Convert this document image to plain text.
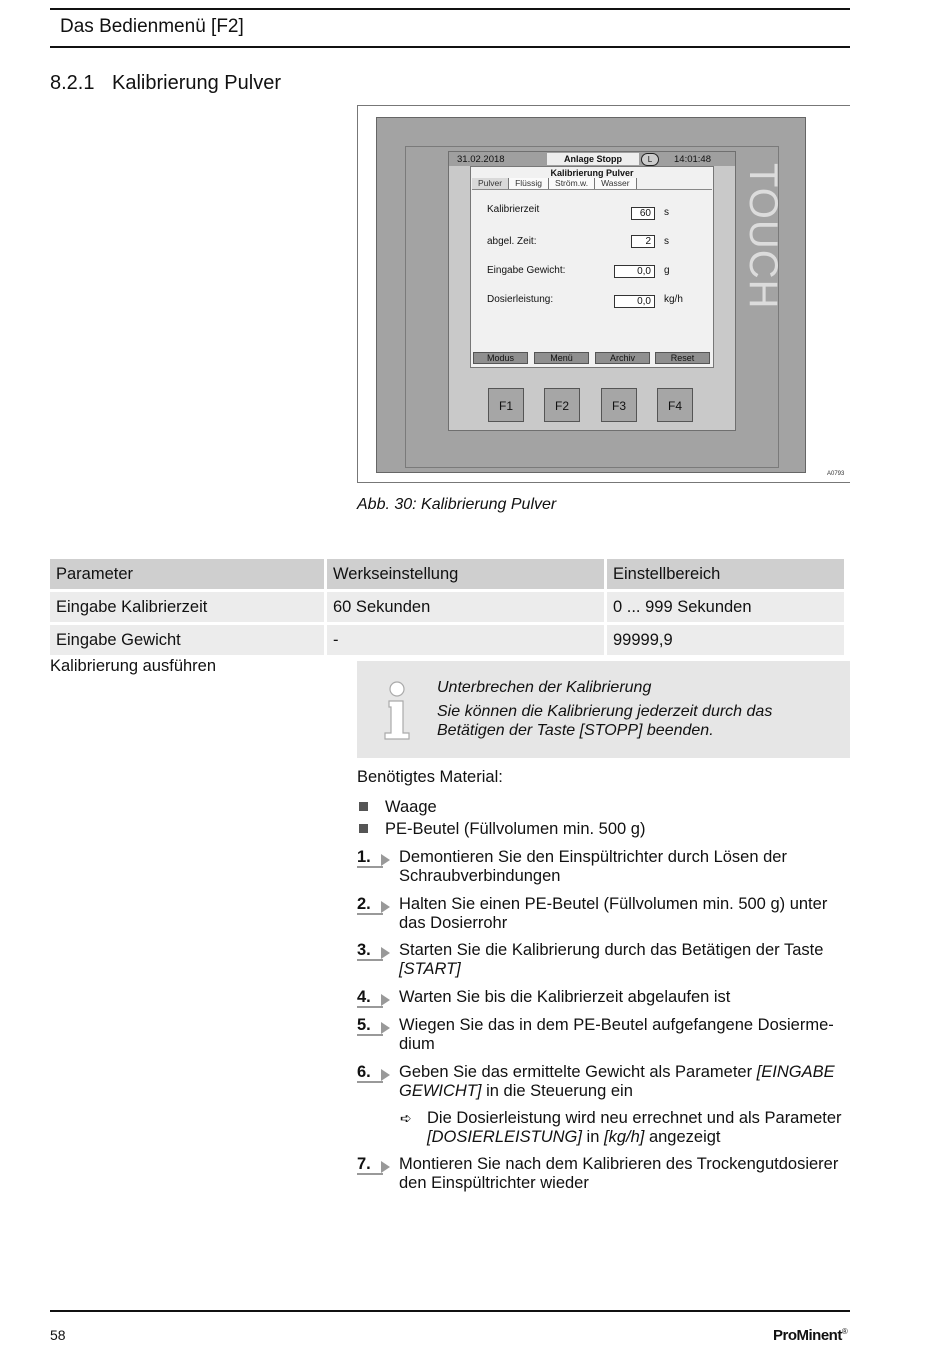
Das Bedienmenü [F2]
8.2.1 Kalibrierung Pulver
TOUCH
31.02.2018	Anlage Stopp	L	14:01:48
Kalibrierung Pulver
Pulver	Flüssig	Ström.w.	Wasser
Kalibrierzeit	60	s
abgel. Zeit:	2	s
Eingabe Gewicht:	0,0	g
Dosierleistung:	0,0	kg/h
Modus	Menü	Archiv	Reset
F1	F2	F3	F4
A0793
Abb. 30: Kalibrierung Pulver
Parameter	Werkseinstellung	Einstellbereich
Eingabe Kalibrierzeit	60 Sekunden	0 ... 999 Sekunden
Eingabe Gewicht	-	99999,9
Kalibrierung ausführen
Unterbrechen der Kalibrierung
Sie können die Kalibrierung jederzeit durch das Betätigen der Taste [STOPP] beenden.
Benötigtes Material:
Waage
PE-Beutel (Füllvolumen min. 500 g)
1. Demontieren Sie den Einspültrichter durch Lösen der Schraubverbindungen
2. Halten Sie einen PE-Beutel (Füllvolumen min. 500 g) unter das Dosierrohr
3. Starten Sie die Kalibrierung durch das Betätigen der Taste [START]
4. Warten Sie bis die Kalibrierzeit abgelaufen ist
5. Wiegen Sie das in dem PE-Beutel aufgefangene Dosierme-dium
6. Geben Sie das ermittelte Gewicht als Parameter [EINGABE GEWICHT] in die Steuerung ein
➪ Die Dosierleistung wird neu errechnet und als Parameter [DOSIERLEISTUNG] in [kg/h] angezeigt
7. Montieren Sie nach dem Kalibrieren des Trockengutdosierer den Einspültrichter wieder
58	ProMinent®
